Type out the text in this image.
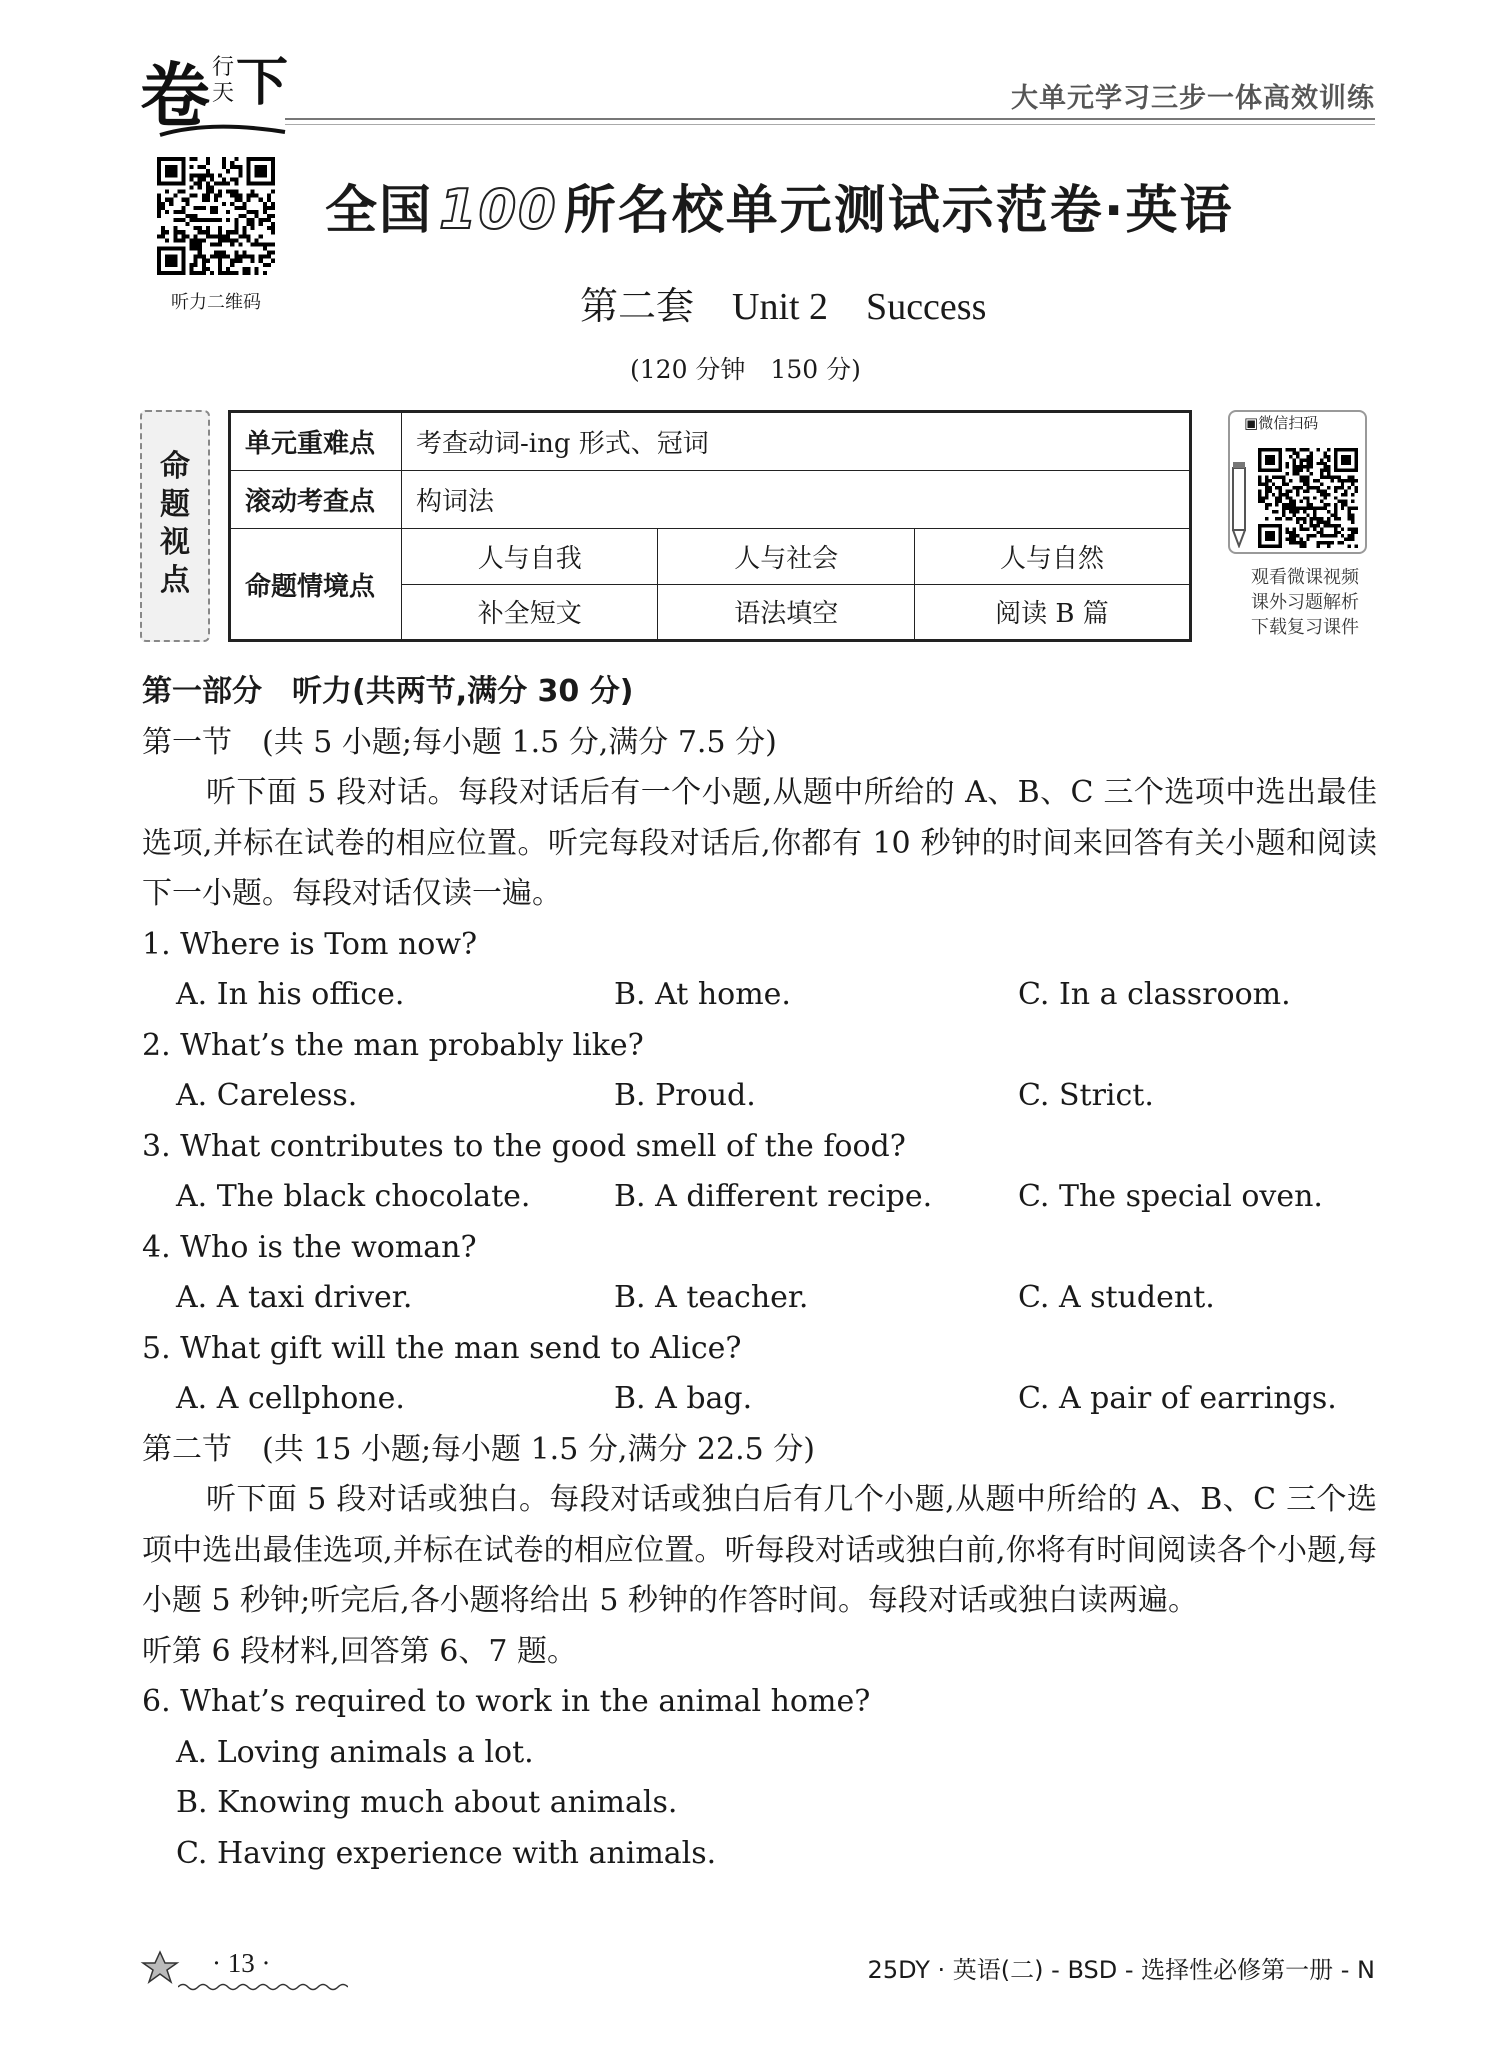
卷 行
天 下	大单元学习三步一体高效训练
听力二维码
全国 100 所名校单元测试示范卷·英语
第二套　Unit 2　Success
(120 分钟　150 分)
命
题
视
点
单元重难点	考查动词-ing 形式、冠词		
滚动考查点	构词法		
命题情境点	人与自我	人与社会	人与自然
	补全短文	语法填空	阅读 B 篇
▣微信扫码
观看微课视频
课外习题解析
下载复习课件
第一部分　听力(共两节,满分 30 分)
第一节　(共 5 小题;每小题 1.5 分,满分 7.5 分)
听下面 5 段对话。每段对话后有一个小题,从题中所给的 A、B、C 三个选项中选出最佳选项,并标在试卷的相应位置。听完每段对话后,你都有 10 秒钟的时间来回答有关小题和阅读下一小题。每段对话仅读一遍。
1. Where is Tom now?
A. In his office.	B. At home.	C. In a classroom.
2. What’s the man probably like?
A. Careless.	B. Proud.	C. Strict.
3. What contributes to the good smell of the food?
A. The black chocolate.	B. A different recipe.	C. The special oven.
4. Who is the woman?
A. A taxi driver.	B. A teacher.	C. A student.
5. What gift will the man send to Alice?
A. A cellphone.	B. A bag.	C. A pair of earrings.
第二节　(共 15 小题;每小题 1.5 分,满分 22.5 分)
听下面 5 段对话或独白。每段对话或独白后有几个小题,从题中所给的 A、B、C 三个选项中选出最佳选项,并标在试卷的相应位置。听每段对话或独白前,你将有时间阅读各个小题,每小题 5 秒钟;听完后,各小题将给出 5 秒钟的作答时间。每段对话或独白读两遍。
听第 6 段材料,回答第 6、7 题。
6. What’s required to work in the animal home?
A. Loving animals a lot.
B. Knowing much about animals.
C. Having experience with animals.
· 13 ·	25DY · 英语(二) - BSD - 选择性必修第一册 - N
